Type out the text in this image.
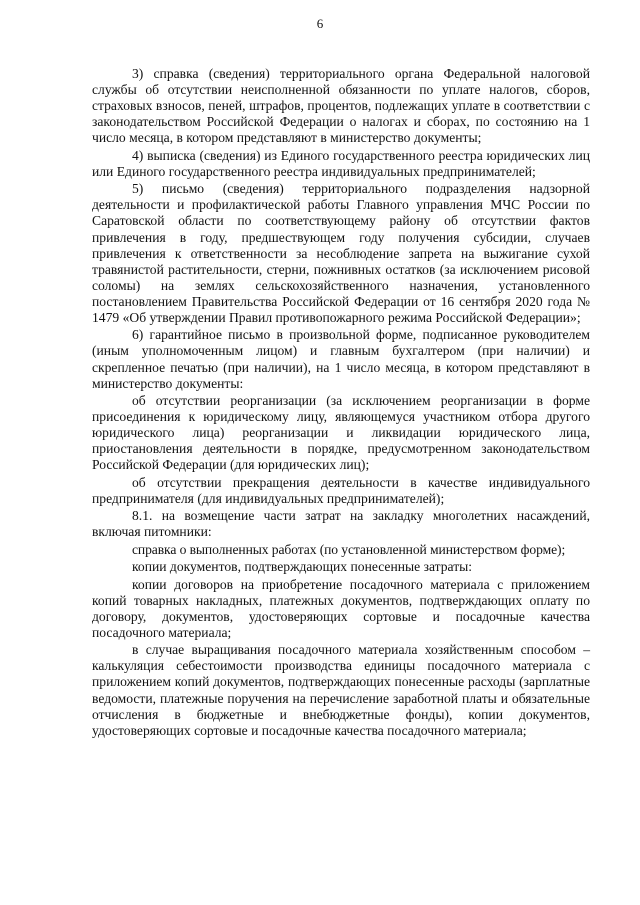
6

3) справка (сведения) территориального органа Федеральной налоговой службы об отсутствии неисполненной обязанности по уплате налогов, сборов, страховых взносов, пеней, штрафов, процентов, подлежащих уплате в соответствии с законодательством Российской Федерации о налогах и сборах, по состоянию на 1 число месяца, в котором представляют в министерство документы;

4) выписка (сведения) из Единого государственного реестра юридических лиц или Единого государственного реестра индивидуальных предпринимателей;

5) письмо (сведения) территориального подразделения надзорной деятельности и профилактической работы Главного управления МЧС России по Саратовской области по соответствующему району об отсутствии фактов привлечения в году, предшествующем году получения субсидии, случаев привлечения к ответственности за несоблюдение запрета на выжигание сухой травянистой растительности, стерни, пожнивных остатков (за исключением рисовой соломы) на землях сельскохозяйственного назначения, установленного постановлением Правительства Российской Федерации от 16 сентября 2020 года № 1479 «Об утверждении Правил противопожарного режима Российской Федерации»;

6) гарантийное письмо в произвольной форме, подписанное руководителем (иным уполномоченным лицом) и главным бухгалтером (при наличии) и скрепленное печатью (при наличии), на 1 число месяца, в котором представляют в министерство документы:

об отсутствии реорганизации (за исключением реорганизации в форме присоединения к юридическому лицу, являющемуся участником отбора другого юридического лица) реорганизации и ликвидации юридического лица, приостановления деятельности в порядке, предусмотренном законодательством Российской Федерации (для юридических лиц);

об отсутствии прекращения деятельности в качестве индивидуального предпринимателя (для индивидуальных предпринимателей);

8.1. на возмещение части затрат на закладку многолетних насаждений, включая питомники:

справка о выполненных работах (по установленной министерством форме);

копии документов, подтверждающих понесенные затраты:

копии договоров на приобретение посадочного материала с приложением копий товарных накладных, платежных документов, подтверждающих оплату по договору, документов, удостоверяющих сортовые и посадочные качества посадочного материала;

в случае выращивания посадочного материала хозяйственным способом – калькуляция себестоимости производства единицы посадочного материала с приложением копий документов, подтверждающих понесенные расходы (зарплатные ведомости, платежные поручения на перечисление заработной платы и обязательные отчисления в бюджетные и внебюджетные фонды), копии документов, удостоверяющих сортовые и посадочные качества посадочного материала;
